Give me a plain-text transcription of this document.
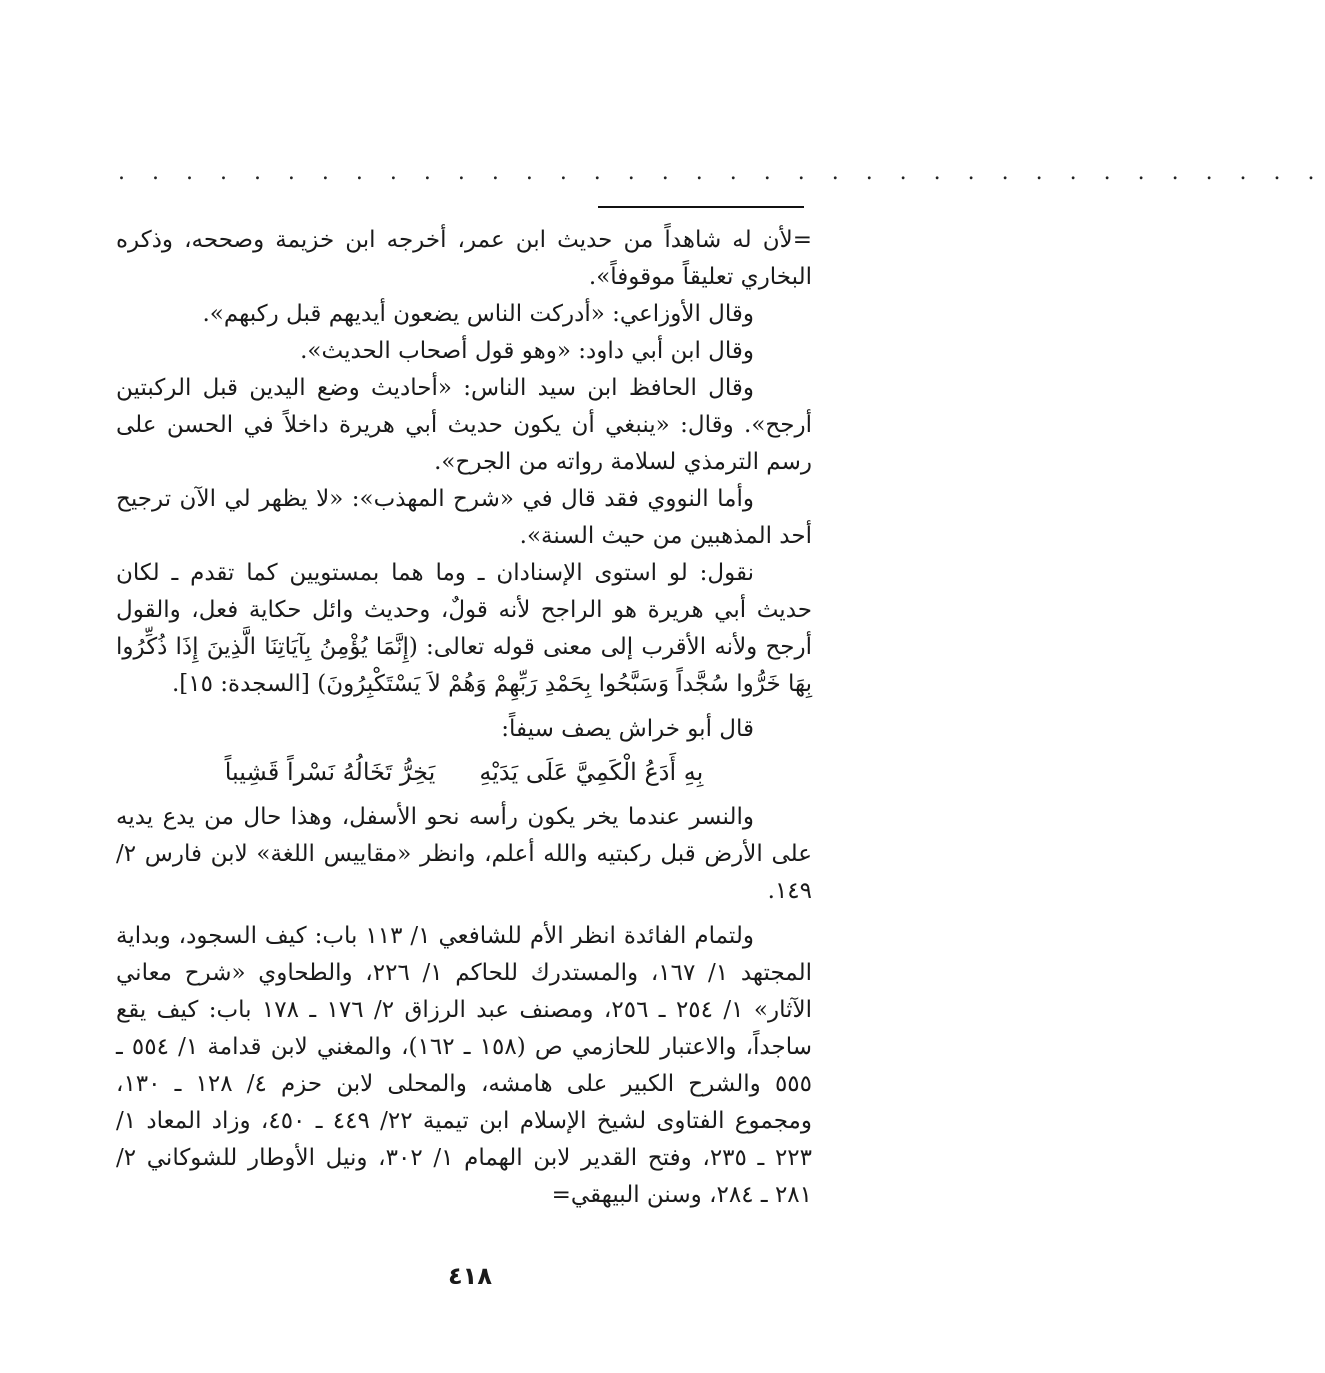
. . . . . . . . . . . . . . . . . . . . . . . . . . . . . . . . . . . .

=لأن له شاهداً من حديث ابن عمر، أخرجه ابن خزيمة وصححه، وذكره البخاري تعليقاً موقوفاً».

وقال الأوزاعي: «أدركت الناس يضعون أيديهم قبل ركبهم».

وقال ابن أبي داود: «وهو قول أصحاب الحديث».

وقال الحافظ ابن سيد الناس: «أحاديث وضع اليدين قبل الركبتين أرجح». وقال: «ينبغي أن يكون حديث أبي هريرة داخلاً في الحسن على رسم الترمذي لسلامة رواته من الجرح».

وأما النووي فقد قال في «شرح المهذب»: «لا يظهر لي الآن ترجيح أحد المذهبين من حيث السنة».

نقول: لو استوى الإسنادان ـ وما هما بمستويين كما تقدم ـ لكان حديث أبي هريرة هو الراجح لأنه قولٌ، وحديث وائل حكاية فعل، والقول أرجح ولأنه الأقرب إلى معنى قوله تعالى: (إِنَّمَا يُؤْمِنُ بِآيَاتِنَا الَّذِينَ إِذَا ذُكِّرُوا بِهَا خَرُّوا سُجَّداً وَسَبَّحُوا بِحَمْدِ رَبِّهِمْ وَهُمْ لاَ يَسْتَكْبِرُونَ) [السجدة: ١٥].

قال أبو خراش يصف سيفاً:

بِهِ أَدَعُ الْكَمِيَّ عَلَى يَدَيْهِ
يَخِرُّ تَخَالُهُ نَسْراً قَشِيباً

والنسر عندما يخر يكون رأسه نحو الأسفل، وهذا حال من يدع يديه على الأرض قبل ركبتيه والله أعلم، وانظر «مقاييس اللغة» لابن فارس ٢/ ١٤٩.

ولتمام الفائدة انظر الأم للشافعي ١/ ١١٣ باب: كيف السجود، وبداية المجتهد ١/ ١٦٧، والمستدرك للحاكم ١/ ٢٢٦، والطحاوي «شرح معاني الآثار» ١/ ٢٥٤ ـ ٢٥٦، ومصنف عبد الرزاق ٢/ ١٧٦ ـ ١٧٨ باب: كيف يقع ساجداً، والاعتبار للحازمي ص (١٥٨ ـ ١٦٢)، والمغني لابن قدامة ١/ ٥٥٤ ـ ٥٥٥ والشرح الكبير على هامشه، والمحلى لابن حزم ٤/ ١٢٨ ـ ١٣٠، ومجموع الفتاوى لشيخ الإسلام ابن تيمية ٢٢/ ٤٤٩ ـ ٤٥٠، وزاد المعاد ١/ ٢٢٣ ـ ٢٣٥، وفتح القدير لابن الهمام ١/ ٣٠٢، ونيل الأوطار للشوكاني ٢/ ٢٨١ ـ ٢٨٤، وسنن البيهقي=

٤١٨
